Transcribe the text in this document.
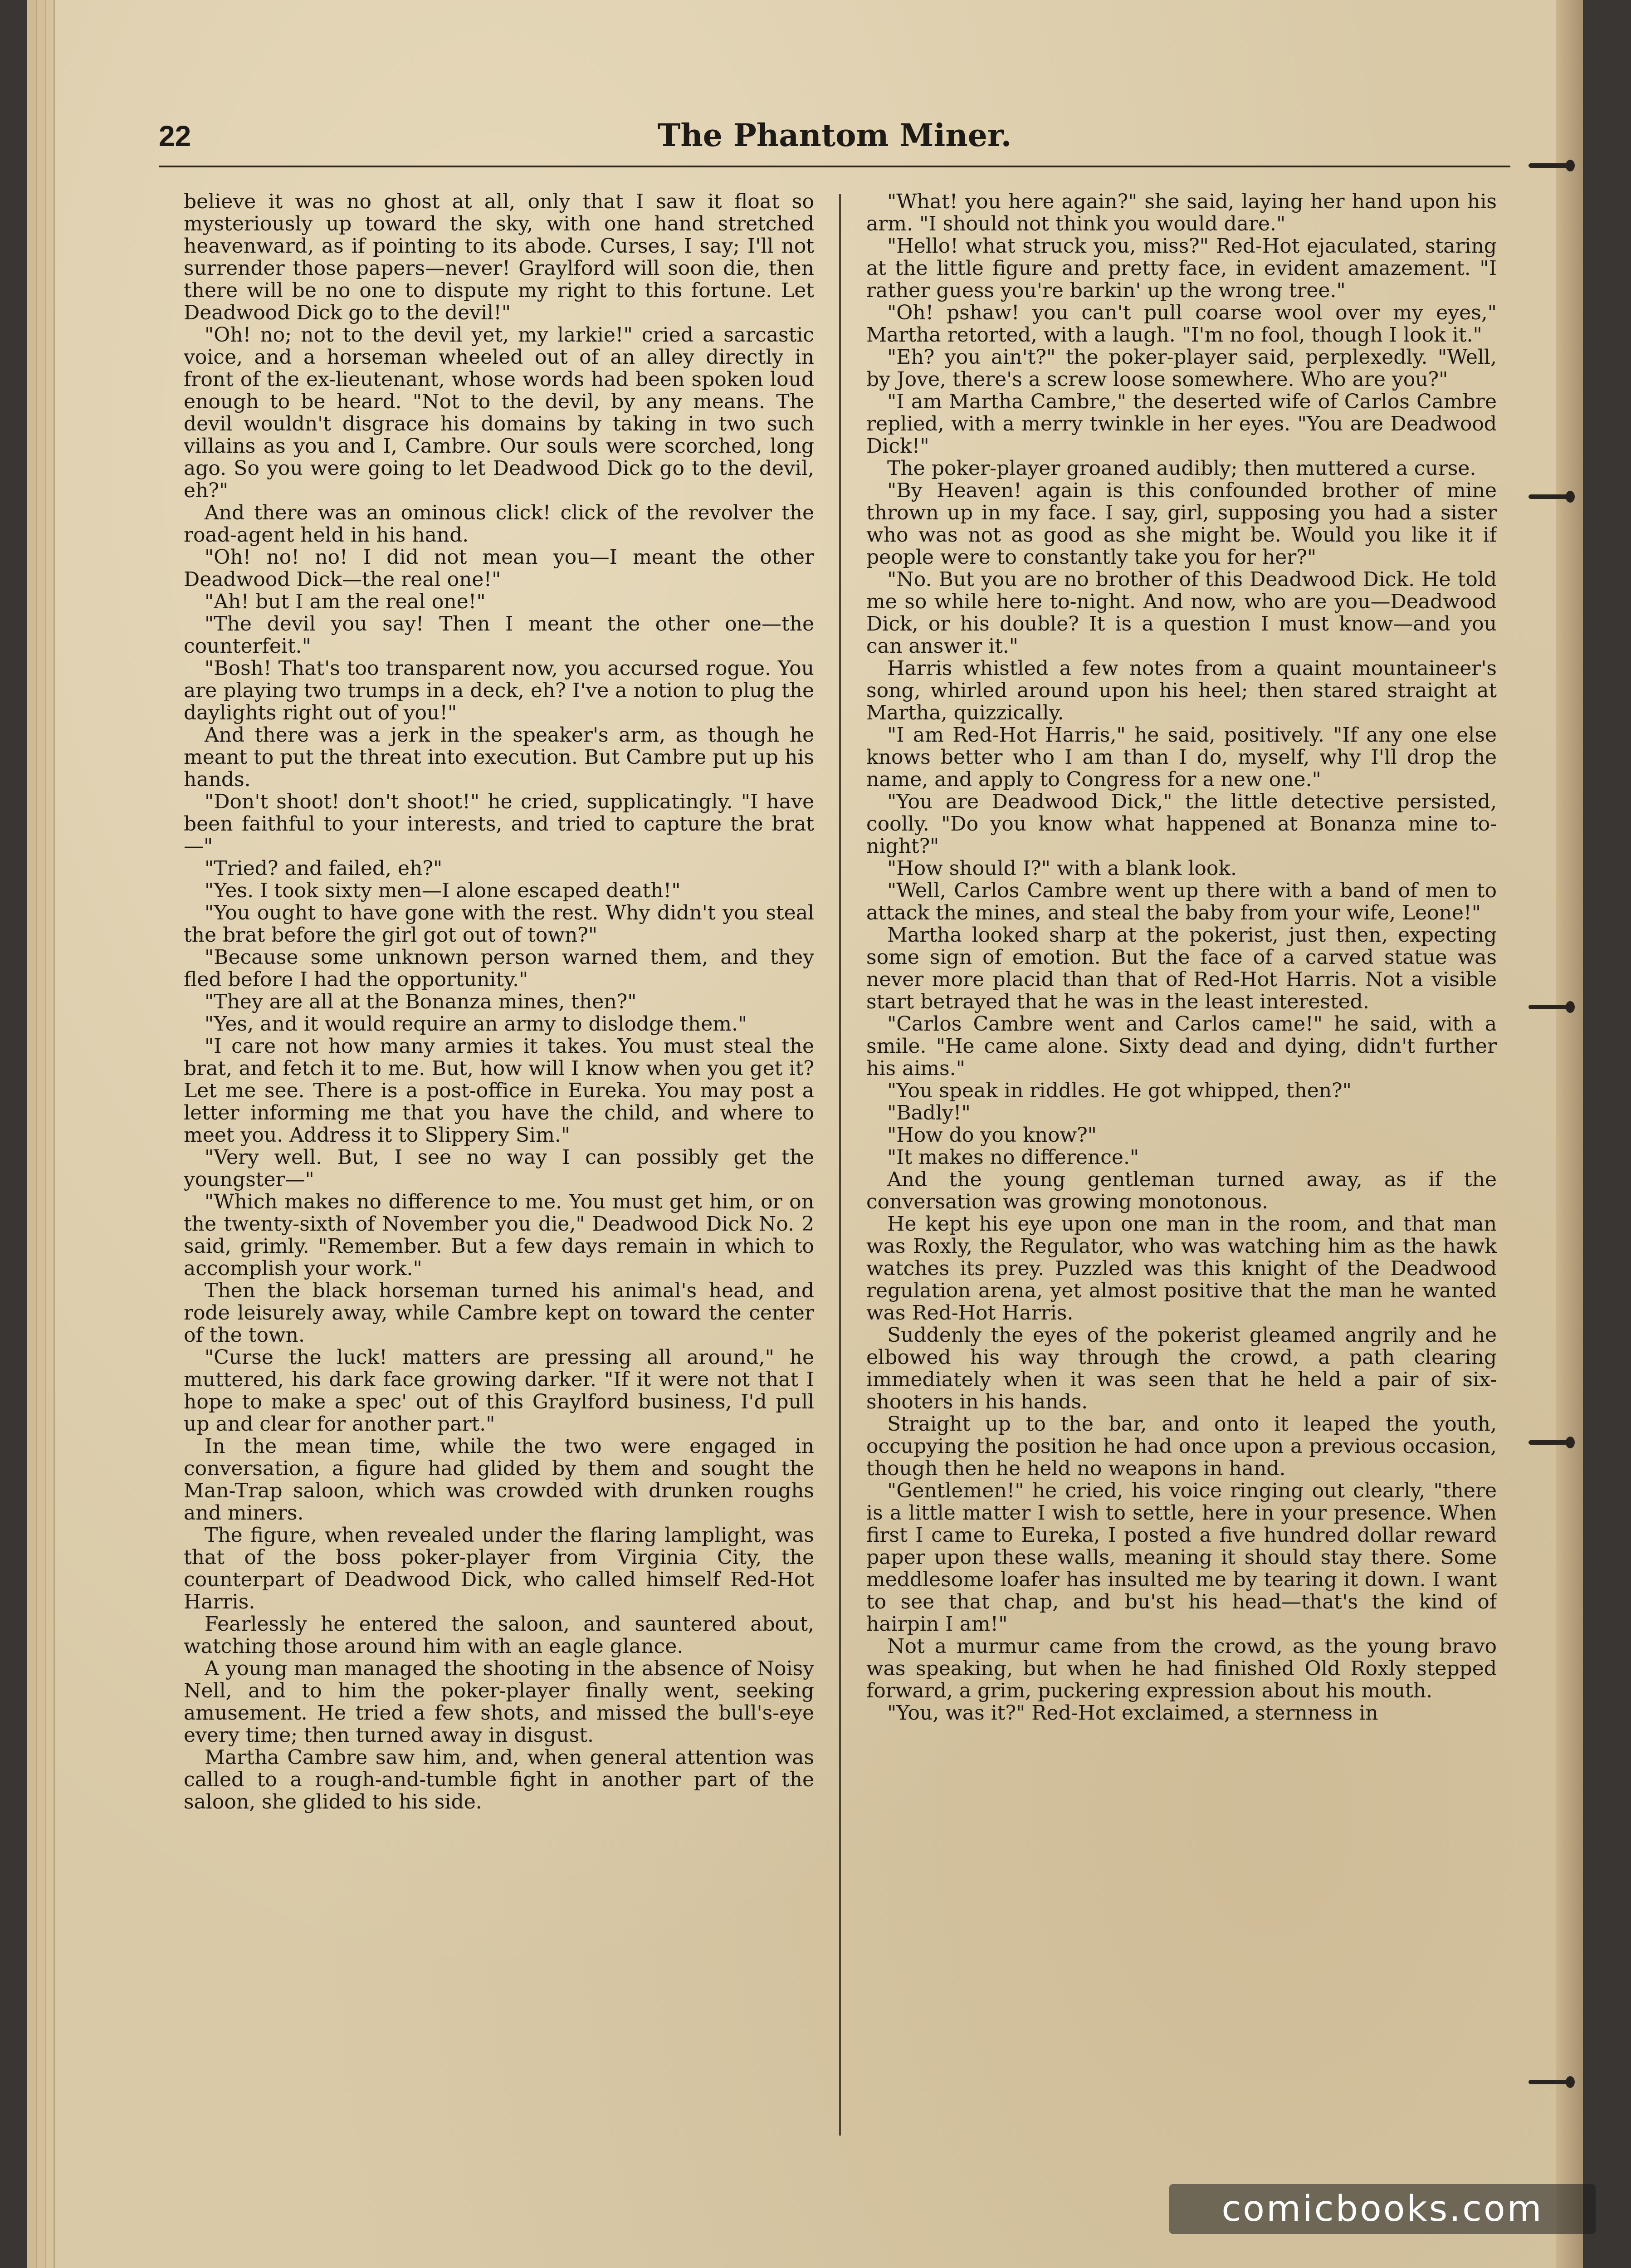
22	The Phantom Miner.

believe it was no ghost at all, only that I saw it float so mysteriously up toward the sky, with one hand stretched heavenward, as if pointing to its abode. Curses, I say; I'll not surrender those papers—never! Graylford will soon die, then there will be no one to dispute my right to this fortune. Let Deadwood Dick go to the devil!"

"Oh! no; not to the devil yet, my larkie!" cried a sarcastic voice, and a horseman wheeled out of an alley directly in front of the ex-lieutenant, whose words had been spoken loud enough to be heard. "Not to the devil, by any means. The devil wouldn't disgrace his domains by taking in two such villains as you and I, Cambre. Our souls were scorched, long ago. So you were going to let Deadwood Dick go to the devil, eh?"

And there was an ominous click! click of the revolver the road-agent held in his hand.

"Oh! no! no! I did not mean you—I meant the other Deadwood Dick—the real one!"

"Ah! but I am the real one!"

"The devil you say! Then I meant the other one—the counterfeit."

"Bosh! That's too transparent now, you accursed rogue. You are playing two trumps in a deck, eh? I've a notion to plug the daylights right out of you!"

And there was a jerk in the speaker's arm, as though he meant to put the threat into execution. But Cambre put up his hands.

"Don't shoot! don't shoot!" he cried, supplicatingly. "I have been faithful to your interests, and tried to capture the brat—"

"Tried? and failed, eh?"

"Yes. I took sixty men—I alone escaped death!"

"You ought to have gone with the rest. Why didn't you steal the brat before the girl got out of town?"

"Because some unknown person warned them, and they fled before I had the opportunity."

"They are all at the Bonanza mines, then?"

"Yes, and it would require an army to dislodge them."

"I care not how many armies it takes. You must steal the brat, and fetch it to me. But, how will I know when you get it? Let me see. There is a post-office in Eureka. You may post a letter informing me that you have the child, and where to meet you. Address it to Slippery Sim."

"Very well. But, I see no way I can possibly get the youngster—"

"Which makes no difference to me. You must get him, or on the twenty-sixth of November you die," Deadwood Dick No. 2 said, grimly. "Remember. But a few days remain in which to accomplish your work."

Then the black horseman turned his animal's head, and rode leisurely away, while Cambre kept on toward the center of the town.

"Curse the luck! matters are pressing all around," he muttered, his dark face growing darker. "If it were not that I hope to make a spec' out of this Graylford business, I'd pull up and clear for another part."

In the mean time, while the two were engaged in conversation, a figure had glided by them and sought the Man-Trap saloon, which was crowded with drunken roughs and miners.

The figure, when revealed under the flaring lamplight, was that of the boss poker-player from Virginia City, the counterpart of Deadwood Dick, who called himself Red-Hot Harris.

Fearlessly he entered the saloon, and sauntered about, watching those around him with an eagle glance.

A young man managed the shooting in the absence of Noisy Nell, and to him the poker-player finally went, seeking amusement. He tried a few shots, and missed the bull's-eye every time; then turned away in disgust.

Martha Cambre saw him, and, when general attention was called to a rough-and-tumble fight in another part of the saloon, she glided to his side.

"What! you here again?" she said, laying her hand upon his arm. "I should not think you would dare."

"Hello! what struck you, miss?" Red-Hot ejaculated, staring at the little figure and pretty face, in evident amazement. "I rather guess you're barkin' up the wrong tree."

"Oh! pshaw! you can't pull coarse wool over my eyes," Martha retorted, with a laugh. "I'm no fool, though I look it."

"Eh? you ain't?" the poker-player said, perplexedly. "Well, by Jove, there's a screw loose somewhere. Who are you?"

"I am Martha Cambre," the deserted wife of Carlos Cambre replied, with a merry twinkle in her eyes. "You are Deadwood Dick!"

The poker-player groaned audibly; then muttered a curse.

"By Heaven! again is this confounded brother of mine thrown up in my face. I say, girl, supposing you had a sister who was not as good as she might be. Would you like it if people were to constantly take you for her?"

"No. But you are no brother of this Deadwood Dick. He told me so while here to-night. And now, who are you—Deadwood Dick, or his double? It is a question I must know—and you can answer it."

Harris whistled a few notes from a quaint mountaineer's song, whirled around upon his heel; then stared straight at Martha, quizzically.

"I am Red-Hot Harris," he said, positively. "If any one else knows better who I am than I do, myself, why I'll drop the name, and apply to Congress for a new one."

"You are Deadwood Dick," the little detective persisted, coolly. "Do you know what happened at Bonanza mine to-night?"

"How should I?" with a blank look.

"Well, Carlos Cambre went up there with a band of men to attack the mines, and steal the baby from your wife, Leone!"

Martha looked sharp at the pokerist, just then, expecting some sign of emotion. But the face of a carved statue was never more placid than that of Red-Hot Harris. Not a visible start betrayed that he was in the least interested.

"Carlos Cambre went and Carlos came!" he said, with a smile. "He came alone. Sixty dead and dying, didn't further his aims."

"You speak in riddles. He got whipped, then?"

"Badly!"

"How do you know?"

"It makes no difference."

And the young gentleman turned away, as if the conversation was growing monotonous.

He kept his eye upon one man in the room, and that man was Roxly, the Regulator, who was watching him as the hawk watches its prey. Puzzled was this knight of the Deadwood regulation arena, yet almost positive that the man he wanted was Red-Hot Harris.

Suddenly the eyes of the pokerist gleamed angrily and he elbowed his way through the crowd, a path clearing immediately when it was seen that he held a pair of six-shooters in his hands.

Straight up to the bar, and onto it leaped the youth, occupying the position he had once upon a previous occasion, though then he held no weapons in hand.

"Gentlemen!" he cried, his voice ringing out clearly, "there is a little matter I wish to settle, here in your presence. When first I came to Eureka, I posted a five hundred dollar reward paper upon these walls, meaning it should stay there. Some meddlesome loafer has insulted me by tearing it down. I want to see that chap, and bu'st his head—that's the kind of hairpin I am!"

Not a murmur came from the crowd, as the young bravo was speaking, but when he had finished Old Roxly stepped forward, a grim, puckering expression about his mouth.

"You, was it?" Red-Hot exclaimed, a sternness in

comicbooks.com
